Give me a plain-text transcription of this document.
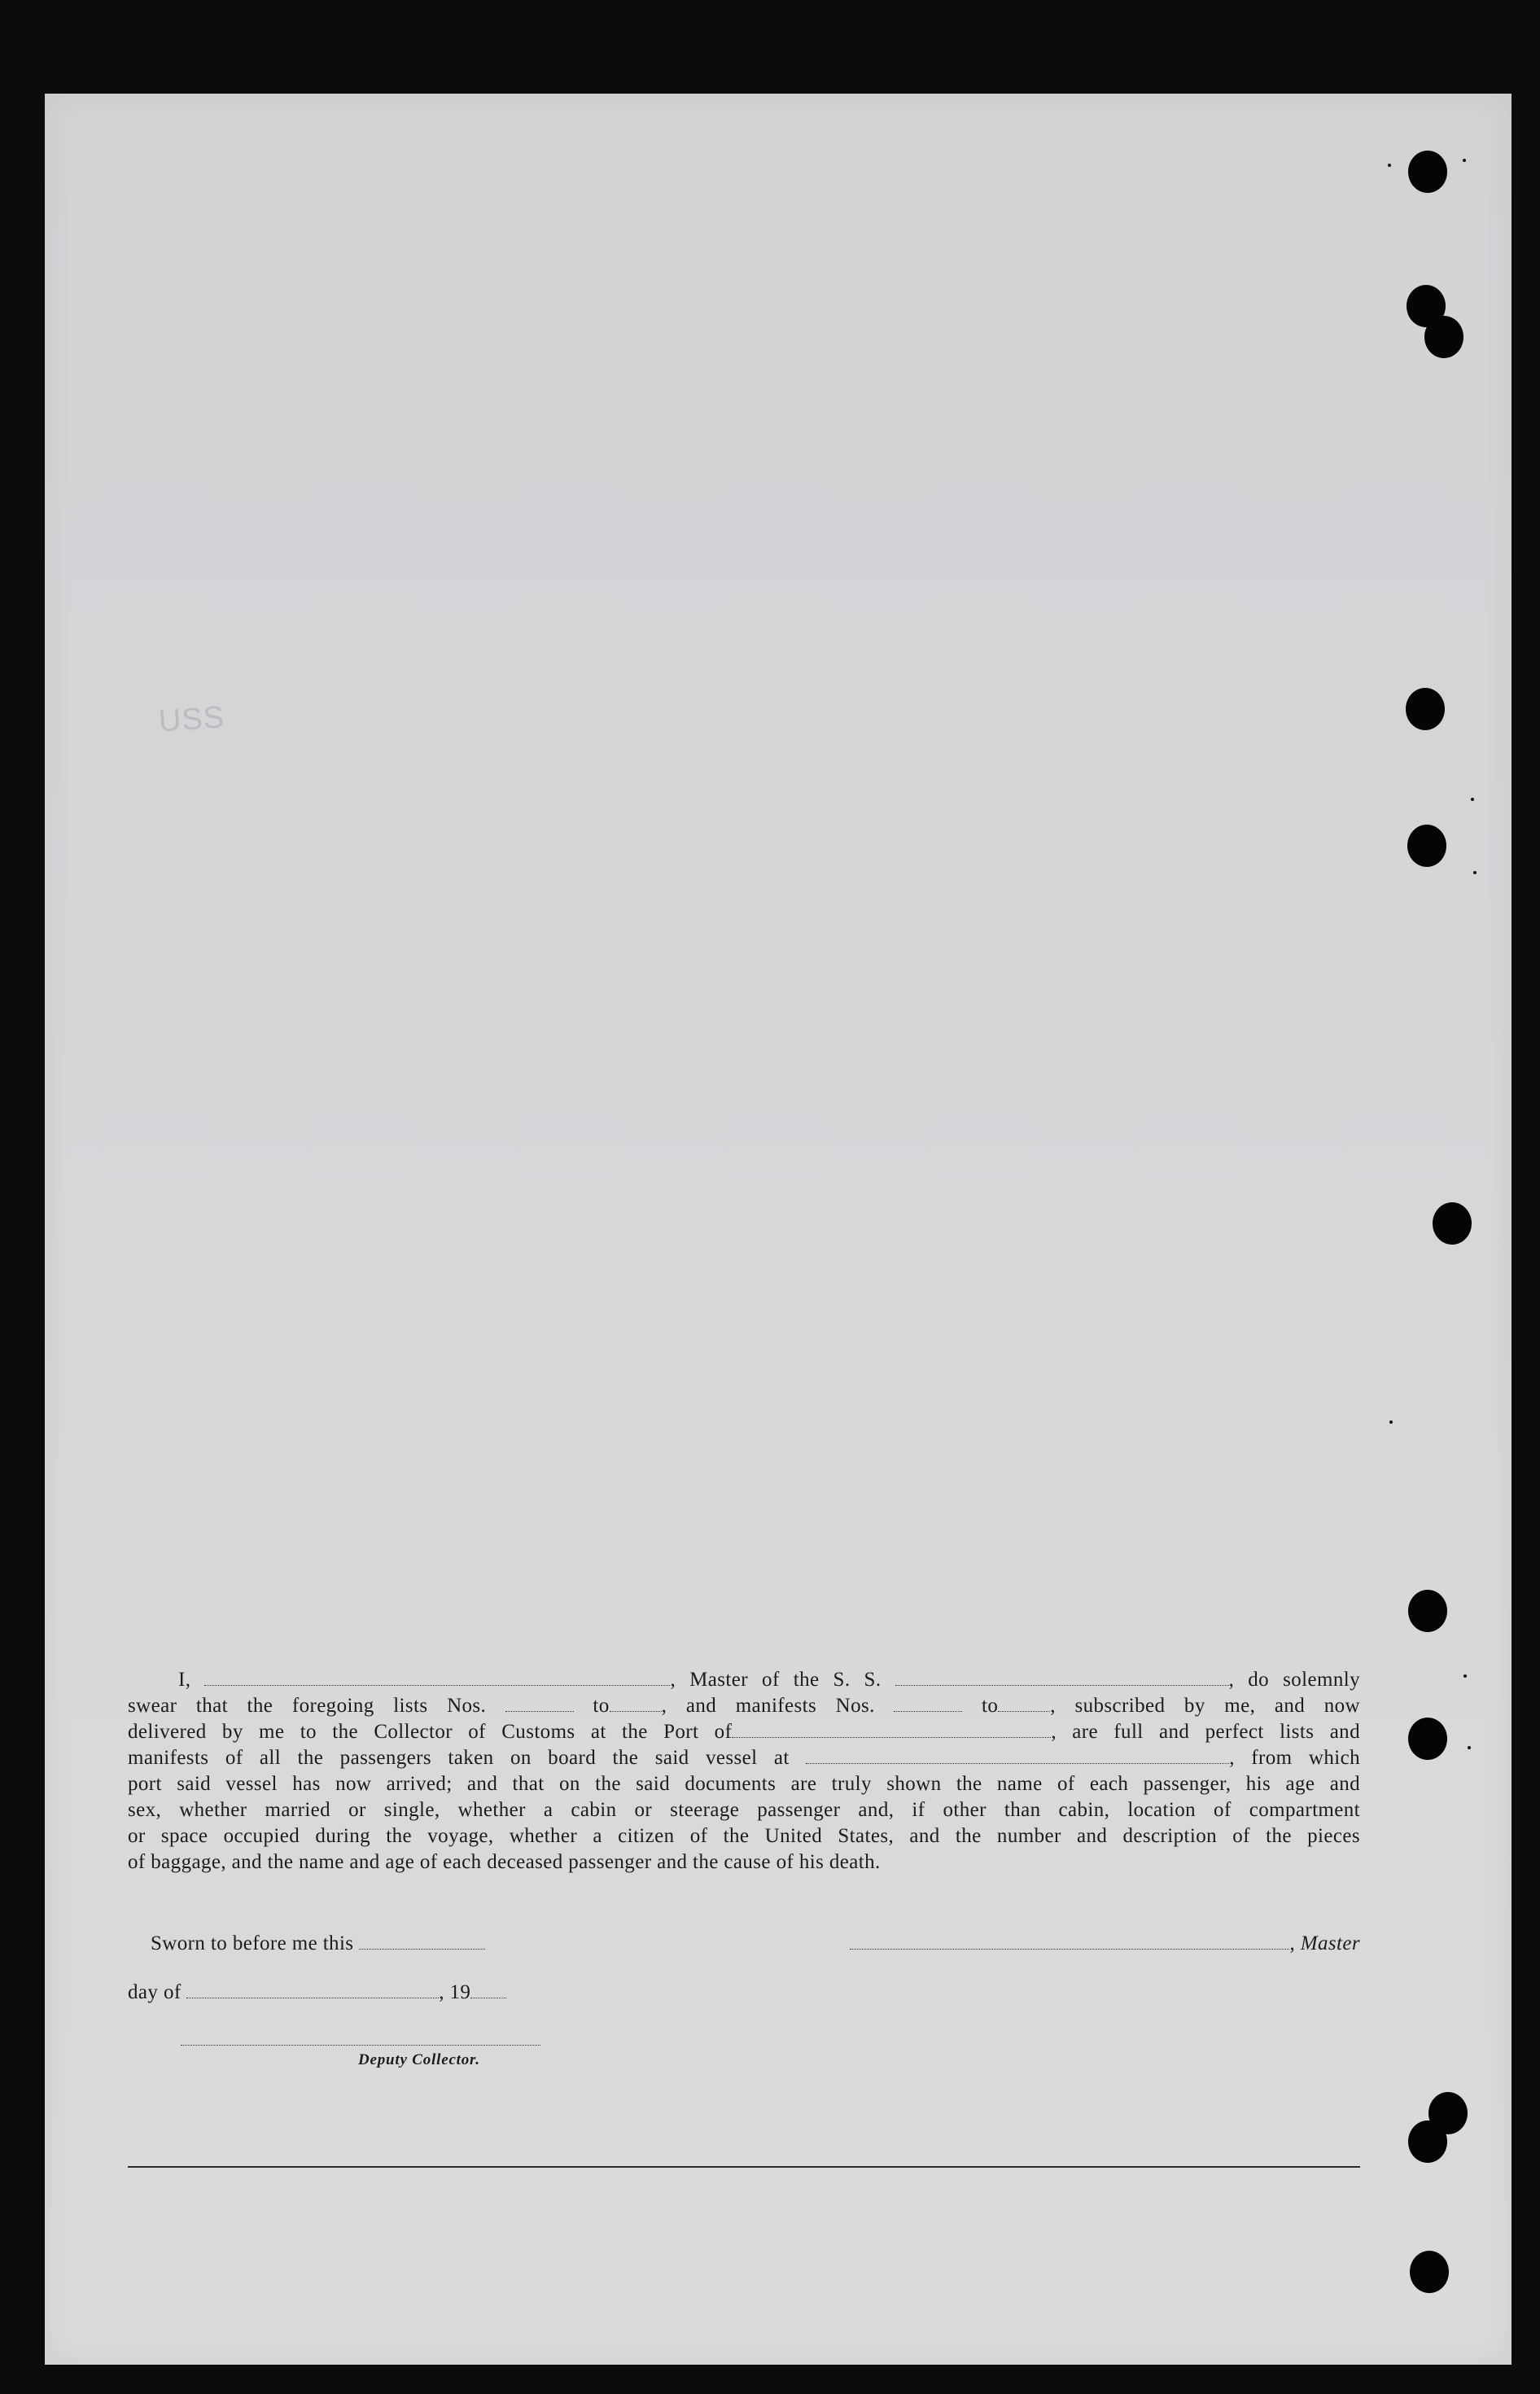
USS
I,	, Master of the S. S.	, do solemnly
swear that the foregoing lists Nos.	to	, and manifests Nos.	to	, subscribed by me, and now
delivered by me to the Collector of Customs at the Port of	, are full and perfect lists and
manifests of all the passengers taken on board the said vessel at	, from which
port said vessel has now arrived; and that on the said documents are truly shown the name of each passenger, his age and
sex, whether married or single, whether a cabin or steerage passenger and, if other than cabin, location of compartment
or space occupied during the voyage, whether a citizen of the United States, and the number and description of the pieces
of baggage, and the name and age of each deceased passenger and the cause of his death.
Sworn to before me this	, Master
day of	, 19
Deputy Collector.
